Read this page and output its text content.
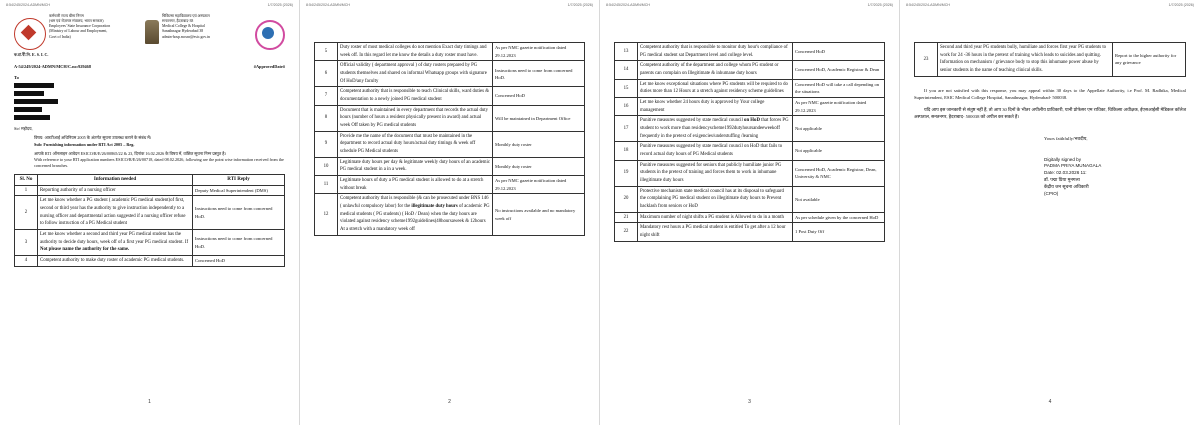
8:54/245/2024-ADMN/MCH	1/7/2025 (2026)
कर्मचारी राज्य बीमा निगम
(श्रम एवं रोज़गार मंत्रालय, भारत सरकार)
Employees' State Insurance Corporation
(Ministry of Labour and Employment,
Govt of India)
चिकित्सा महाविद्यालय एवं अस्पताल
सनतनगर, हैदराबाद-38
Medical College & Hospital
Sanathnagar Hyderabad 38
admin-hosp.mcsnr@esic.gov.in
ক.রা.বী.নি. E. S. I. C.
A-54/249/2024-ADMN/MCH/C.no:929468	#ApprovedDate#
To
Sir/ महोदय,
विषय: आरटीआई अधिनियम 2005 के अंतर्गत सूचना उपलब्ध कराने के संबंध में।
Sub: Furnishing information under RTI Act 2005 – Reg.
आपके RTI ऑनलाइन आवेदन ESICO/R/E/26/00865/22 & 23, दिनांक 16.02.2026 के विषय में, वांछित सूचना निम्न प्रस्तुत है।
With reference to your RTI application numbers ESICO/R/E/26/00718, dated 08.02.2026, following are the point wise information received from the concerned branches.
Sl. No	Information needed	RTI Reply
1	Reporting authority of a nursing officer	Deputy Medical Superintendent (DMS)
2	Let me know whether a PG student ( academic PG medical student)of first, second or third year has the authority to give instruction independently to a nursing officer and departmental action suggested if a nursing officer refuse to follow instruction of a PG Medical student	Instructions need to come from concerned HoD.
3	Let me know whether a second and third year PG medical student has the authority to decide duty hours, week off of a first year PG medical student. If Not please name the authority for the same.	Instructions need to come from concerned HoD.
4	Competent authority to make duty roster of academic PG medical students.	Concerned HoD
1
8:54/245/2024-ADMN/MCH	1/7/2025 (2026)
5	Duty roster of most medical colleges do not mention Exact duty timings and week off. In this regard let me know the details a duty roster must have.	As per NMC gazette notification dated 29.12.2023
6	Official validity ( department approval ) of duty rosters prepared by PG students themselves and shared on informal Whatsapp groups with signature Of HoD/any faculty	Instructions need to come from concerned HoD.
7	Competent authority that is responsible to teach Clinical skills, ward duties & documentation to a newly joined PG medical student	Concerned HoD
8	Document that is maintained in every department that records the actual duty hours (number of hours a resident physically present in award) and actual week Off taken by PG medical students	Will be maintained in Department Office
9	Provide me the name of the document that must be maintained in the department to record actual duty hours/actual duty timings & week off schedule PG Medical students	Monthly duty roster
10	Legitimate duty hours per day & legitimate weekly duty hours of an academic PG medical student in a in a week.	Monthly duty roster
11	Legitimate hours of duty a PG medical student is allowed to do at a stretch without break	As per NMC gazette notification dated 29.12.2023
12	Competent authority that is responsible (& can be prosecuted under BNS 146 ( unlawful compulsory labor) for the illegitimate duty hours of academic PG medical students ( PG students) ( HoD / Dean) when the duty hours are violated against residency scheme1992guidelines(48hoursaweek & 12hours At a stretch with a mandatory week off	No instructions available and no mandatory week off
2
8:54/245/2024-ADMN/MCH	1/7/2025 (2026)
13	Competent authority that is responsible to monitor duty hour's compliance of PG medical student sat Department level and college level.	Concerned HoD
14	Competent authority of the department and college whom PG student or parents can complain on Illegitimate & inhumane duty hours	Concerned HoD, Academic Registrar & Dean
15	Let me know exceptional situations where PG students will be required to do duties more than 12 Hours at a stretch against residency scheme guidelines	Concerned HoD will take a call depending on the situations
16	Let me know whether 24 hours duty is approved by Your college management	As per NMC gazette notification dated 29.12.2023
17	Punitive measures suggested by state medical council on HoD that forces PG student to work more than residencyscheme1992dutyhoursandeeweekoff frequently in the pretext of exigencies/understuffing /learning	Not applicable
18	Punitive measures suggested by state medical council on HoD that fails to record actual duty hours of PG Medical students	Not applicable
19	Punitive measures suggested for seniors that publicly humiliate junior PG students in the pretext of training and forces them to work in inhumane illegitimate duty hours	Concerned HoD, Academic Registrar, Dean, University & NMC
20	Protective mechanism state medical council has at its disposal to safeguard the complaining PG medical student on illegitimate duty hours to Prevent backlash from seniors or HoD	Not available
21	Maximum number of night shifts a PG student is Allowed to do in a month	As per schedule given by the concerned HoD
22	Mandatory rest hours a PG medical student is entitled To get after a 12 hour night shift	1 Post Duty Off
3
8:54/245/2024-ADMN/MCH	1/7/2025 (2026)
23	Second and third year PG students bully, humiliate and forces first year PG students to work for 24 -36 hours in the pretext of training which leads to suicides and quitting. Information on mechanism / grievance body to stop this inhumane power abuse by senior students in the name of teaching clinical skills.	Report to the higher authority for any grievance
If you are not satisfied with this response, you may appeal within 30 days to the Appellate Authority, i.e Prof. M. Radhika, Medical Superintendent, ESIC Medical College Hospital, Sanathnagar, Hyderabad- 500038.
यदि आप इस जानकारी से संतुष्ट नहीं हैं, तो आप 30 दिनों के भीतर अपीलीय प्राधिकारी, यानी प्रोफेसर एम राधिका, चिकित्सा अधीक्षक, ईएसआईसी मेडिकल कॉलेज अस्पताल, सनतनगर, हैदराबाद- 500038 को अपील कर सकते हैं।
Yours faithfully/भवदीय,
Digitally signed by
PADMA PRIYA MUNAGALA
Date: 02.03.2026 11:
डॉ. पद्मा प्रिया मुनगला
केंद्रीय जन सूचना अधिकारी
(CPIO)
4
